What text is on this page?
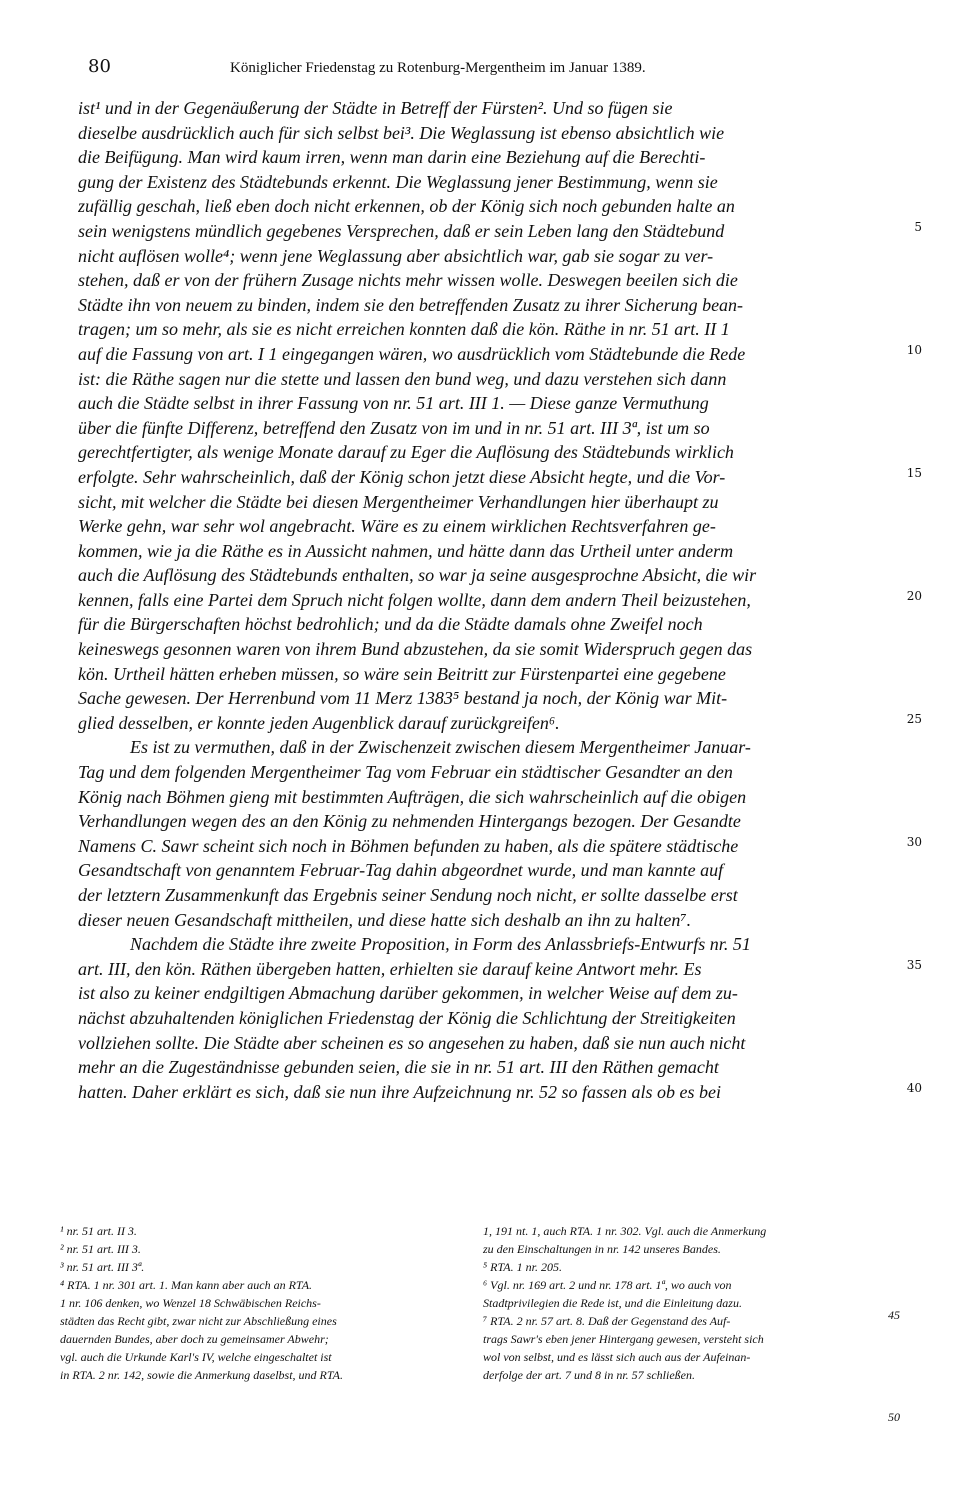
80	Königlicher Friedenstag zu Rotenburg-Mergentheim im Januar 1389.
ist¹ und in der Gegenäußerung der Städte in Betreff der Fürsten². Und so fügen sie
dieselbe ausdrücklich auch für sich selbst bei³. Die Weglassung ist ebenso absichtlich wie
die Beifügung. Man wird kaum irren, wenn man darin eine Beziehung auf die Berechti-
gung der Existenz des Städtebunds erkennt. Die Weglassung jener Bestimmung, wenn sie
zufällig geschah, ließ eben doch nicht erkennen, ob der König sich noch gebunden halte an
sein wenigstens mündlich gegebenes Versprechen, daß er sein Leben lang den Städtebund
nicht auflösen wolle⁴; wenn jene Weglassung aber absichtlich war, gab sie sogar zu ver-
stehen, daß er von der frühern Zusage nichts mehr wissen wolle. Deswegen beeilen sich die
Städte ihn von neuem zu binden, indem sie den betreffenden Zusatz zu ihrer Sicherung bean-
tragen; um so mehr, als sie es nicht erreichen konnten daß die kön. Räthe in nr. 51 art. II 1
auf die Fassung von art. I 1 eingegangen wären, wo ausdrücklich vom Städtebunde die Rede
ist: die Räthe sagen nur die stette und lassen den bund weg, und dazu verstehen sich dann
auch die Städte selbst in ihrer Fassung von nr. 51 art. III 1. — Diese ganze Vermuthung
über die fünfte Differenz, betreffend den Zusatz von im und in nr. 51 art. III 3ª, ist um so
gerechtfertigter, als wenige Monate darauf zu Eger die Auflösung des Städtebunds wirklich
erfolgte. Sehr wahrscheinlich, daß der König schon jetzt diese Absicht hegte, und die Vor-
sicht, mit welcher die Städte bei diesen Mergentheimer Verhandlungen hier überhaupt zu
Werke gehn, war sehr wol angebracht. Wäre es zu einem wirklichen Rechtsverfahren ge-
kommen, wie ja die Räthe es in Aussicht nahmen, und hätte dann das Urtheil unter anderm
auch die Auflösung des Städtebunds enthalten, so war ja seine ausgesprochne Absicht, die wir
kennen, falls eine Partei dem Spruch nicht folgen wollte, dann dem andern Theil beizustehen,
für die Bürgerschaften höchst bedrohlich; und da die Städte damals ohne Zweifel noch
keineswegs gesonnen waren von ihrem Bund abzustehen, da sie somit Widerspruch gegen das
kön. Urtheil hätten erheben müssen, so wäre sein Beitritt zur Fürstenpartei eine gegebene
Sache gewesen. Der Herrenbund vom 11 Merz 1383⁵ bestand ja noch, der König war Mit-
glied desselben, er konnte jeden Augenblick darauf zurückgreifen⁶.
Es ist zu vermuthen, daß in der Zwischenzeit zwischen diesem Mergentheimer Januar-
Tag und dem folgenden Mergentheimer Tag vom Februar ein städtischer Gesandter an den
König nach Böhmen gieng mit bestimmten Aufträgen, die sich wahrscheinlich auf die obigen
Verhandlungen wegen des an den König zu nehmenden Hintergangs bezogen. Der Gesandte
Namens C. Sawr scheint sich noch in Böhmen befunden zu haben, als die spätere städtische
Gesandtschaft von genanntem Februar-Tag dahin abgeordnet wurde, und man kannte auf
der letztern Zusammenkunft das Ergebnis seiner Sendung noch nicht, er sollte dasselbe erst
dieser neuen Gesandschaft mittheilen, und diese hatte sich deshalb an ihn zu halten⁷.
Nachdem die Städte ihre zweite Proposition, in Form des Anlassbriefs-Entwurfs nr. 51
art. III, den kön. Räthen übergeben hatten, erhielten sie darauf keine Antwort mehr. Es
ist also zu keiner endgiltigen Abmachung darüber gekommen, in welcher Weise auf dem zu-
nächst abzuhaltenden königlichen Friedenstag der König die Schlichtung der Streitigkeiten
vollziehen sollte. Die Städte aber scheinen es so angesehen zu haben, daß sie nun auch nicht
mehr an die Zugeständnisse gebunden seien, die sie in nr. 51 art. III den Räthen gemacht
hatten. Daher erklärt es sich, daß sie nun ihre Aufzeichnung nr. 52 so fassen als ob es bei
5
10
15
20
25
30
35
40
¹ nr. 51 art. II 3.
² nr. 51 art. III 3.
³ nr. 51 art. III 3ª.
⁴ RTA. 1 nr. 301 art. 1. Man kann aber auch an RTA.
1 nr. 106 denken, wo Wenzel 18 Schwäbischen Reichs-
städten das Recht gibt, zwar nicht zur Abschließung eines
dauernden Bundes, aber doch zu gemeinsamer Abwehr;
vgl. auch die Urkunde Karl's IV, welche eingeschaltet ist
in RTA. 2 nr. 142, sowie die Anmerkung daselbst, und RTA.
1, 191 nt. 1, auch RTA. 1 nr. 302. Vgl. auch die Anmerkung
zu den Einschaltungen in nr. 142 unseres Bandes.
⁵ RTA. 1 nr. 205.
⁶ Vgl. nr. 169 art. 2 und nr. 178 art. 1ª, wo auch von
Stadtprivilegien die Rede ist, und die Einleitung dazu.
⁷ RTA. 2 nr. 57 art. 8. Daß der Gegenstand des Auf-
trags Sawr's eben jener Hintergang gewesen, versteht sich
wol von selbst, und es lässt sich auch aus der Aufeinan-
derfolge der art. 7 und 8 in nr. 57 schließen.
45
50
